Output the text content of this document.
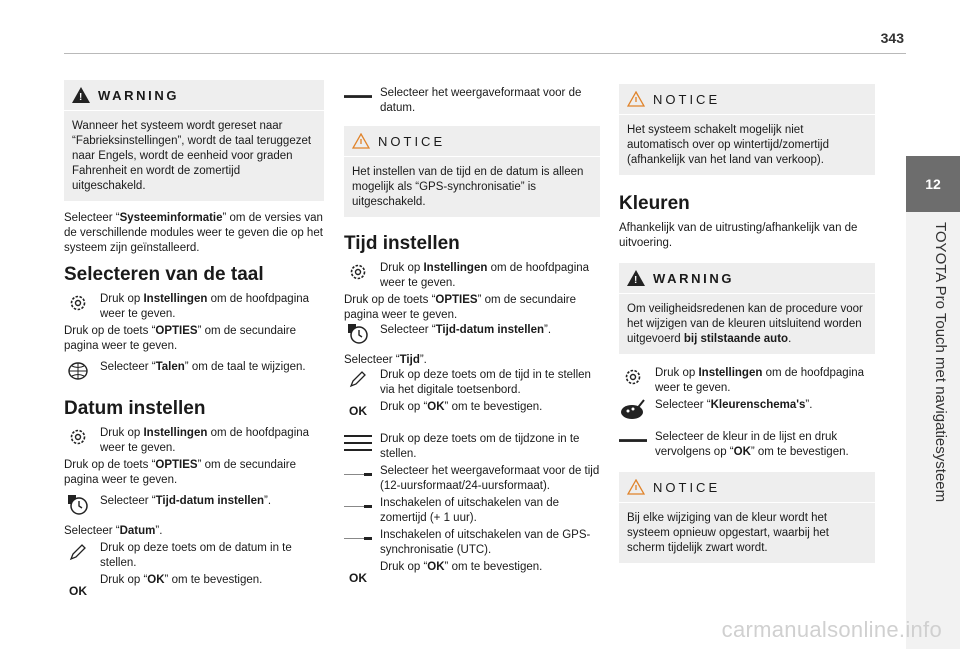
343
12
TOYOTA Pro Touch met navigatiesysteem
carmanualsonline.info
!
WARNING
Wanneer het systeem wordt gereset naar “Fabrieksinstellingen”, wordt de taal teruggezet naar Engels, wordt de eenheid voor graden Fahrenheit en wordt de zomertijd uitgeschakeld.

Selecteer “Systeeminformatie” om de versies van de verschillende modules weer te geven die op het systeem zijn geïnstalleerd.

Selecteren van de taal
Druk op Instellingen om de hoofdpagina weer te geven.

Druk op de toets “OPTIES” om de secundaire pagina weer te geven.

Selecteer “Talen” om de taal te wijzigen.
Datum instellen
Druk op Instellingen om de hoofdpagina weer te geven.

Druk op de toets “OPTIES” om de secundaire pagina weer te geven.

Selecteer “Tijd-datum instellen”.

Selecteer “Datum”.

Druk op deze toets om de datum in te stellen.
OK
Druk op “OK” om te bevestigen.
Selecteer het weergaveformaat voor de datum.
NOTICE
Het instellen van de tijd en de datum is alleen mogelijk als “GPS-synchronisatie” is uitgeschakeld.
Tijd instellen
Druk op Instellingen om de hoofdpagina weer te geven.

Druk op de toets “OPTIES” om de secundaire pagina weer te geven.

Selecteer “Tijd-datum instellen”.

Selecteer “Tijd”.

Druk op deze toets om de tijd in te stellen via het digitale toetsenbord.
OK	Druk op “OK” om te bevestigen.
Druk op deze toets om de tijdzone in te stellen.
Selecteer het weergaveformaat voor de tijd (12-uursformaat/24-uursformaat).
Inschakelen of uitschakelen van de zomertijd (+ 1 uur).
Inschakelen of uitschakelen van de GPS-synchronisatie (UTC).
OK
Druk op “OK” om te bevestigen.
NOTICE
Het systeem schakelt mogelijk niet automatisch over op wintertijd/zomertijd (afhankelijk van het land van verkoop).
Kleuren

Afhankelijk van de uitrusting/afhankelijk van de uitvoering.

!
WARNING
Om veiligheidsredenen kan de procedure voor het wijzigen van de kleuren uitsluitend worden uitgevoerd bij stilstaande auto.
Druk op Instellingen om de hoofdpagina weer te geven.
Selecteer “Kleurenschema's”.
Selecteer de kleur in de lijst en druk vervolgens op “OK” om te bevestigen.
NOTICE
Bij elke wijziging van de kleur wordt het systeem opnieuw opgestart, waarbij het scherm tijdelijk zwart wordt.
